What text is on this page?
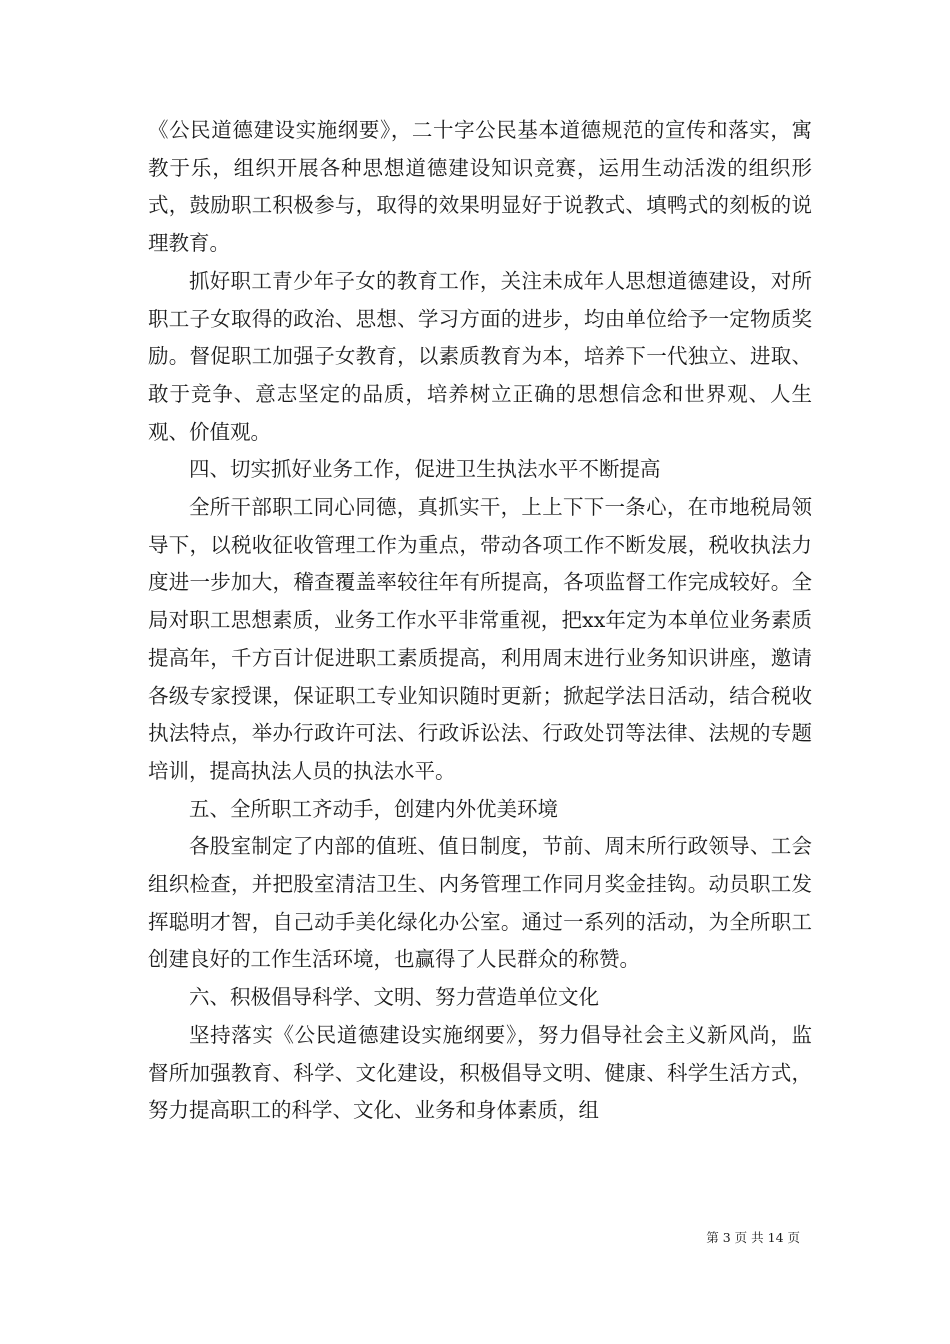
《公民道德建设实施纲要》，二十字公民基本道德规范的宣传和落实，寓教于乐，组织开展各种思想道德建设知识竞赛，运用生动活泼的组织形式，鼓励职工积极参与，取得的效果明显好于说教式、填鸭式的刻板的说理教育。

抓好职工青少年子女的教育工作，关注未成年人思想道德建设，对所职工子女取得的政治、思想、学习方面的进步，均由单位给予一定物质奖励。督促职工加强子女教育，以素质教育为本，培养下一代独立、进取、敢于竞争、意志坚定的品质，培养树立正确的思想信念和世界观、人生观、价值观。

四、切实抓好业务工作，促进卫生执法水平不断提高

全所干部职工同心同德，真抓实干，上上下下一条心，在市地税局领导下，以税收征收管理工作为重点，带动各项工作不断发展，税收执法力度进一步加大，稽查覆盖率较往年有所提高，各项监督工作完成较好。全局对职工思想素质，业务工作水平非常重视，把xx年定为本单位业务素质提高年，千方百计促进职工素质提高，利用周末进行业务知识讲座，邀请各级专家授课，保证职工专业知识随时更新；掀起学法日活动，结合税收执法特点，举办行政许可法、行政诉讼法、行政处罚等法律、法规的专题培训，提高执法人员的执法水平。

五、全所职工齐动手，创建内外优美环境

各股室制定了内部的值班、值日制度，节前、周末所行政领导、工会组织检查，并把股室清洁卫生、内务管理工作同月奖金挂钩。动员职工发挥聪明才智，自己动手美化绿化办公室。通过一系列的活动，为全所职工创建良好的工作生活环境，也赢得了人民群众的称赞。

六、积极倡导科学、文明、努力营造单位文化

坚持落实《公民道德建设实施纲要》，努力倡导社会主义新风尚，监督所加强教育、科学、文化建设，积极倡导文明、健康、科学生活方式，努力提高职工的科学、文化、业务和身体素质，组

第 3 页 共 14 页
